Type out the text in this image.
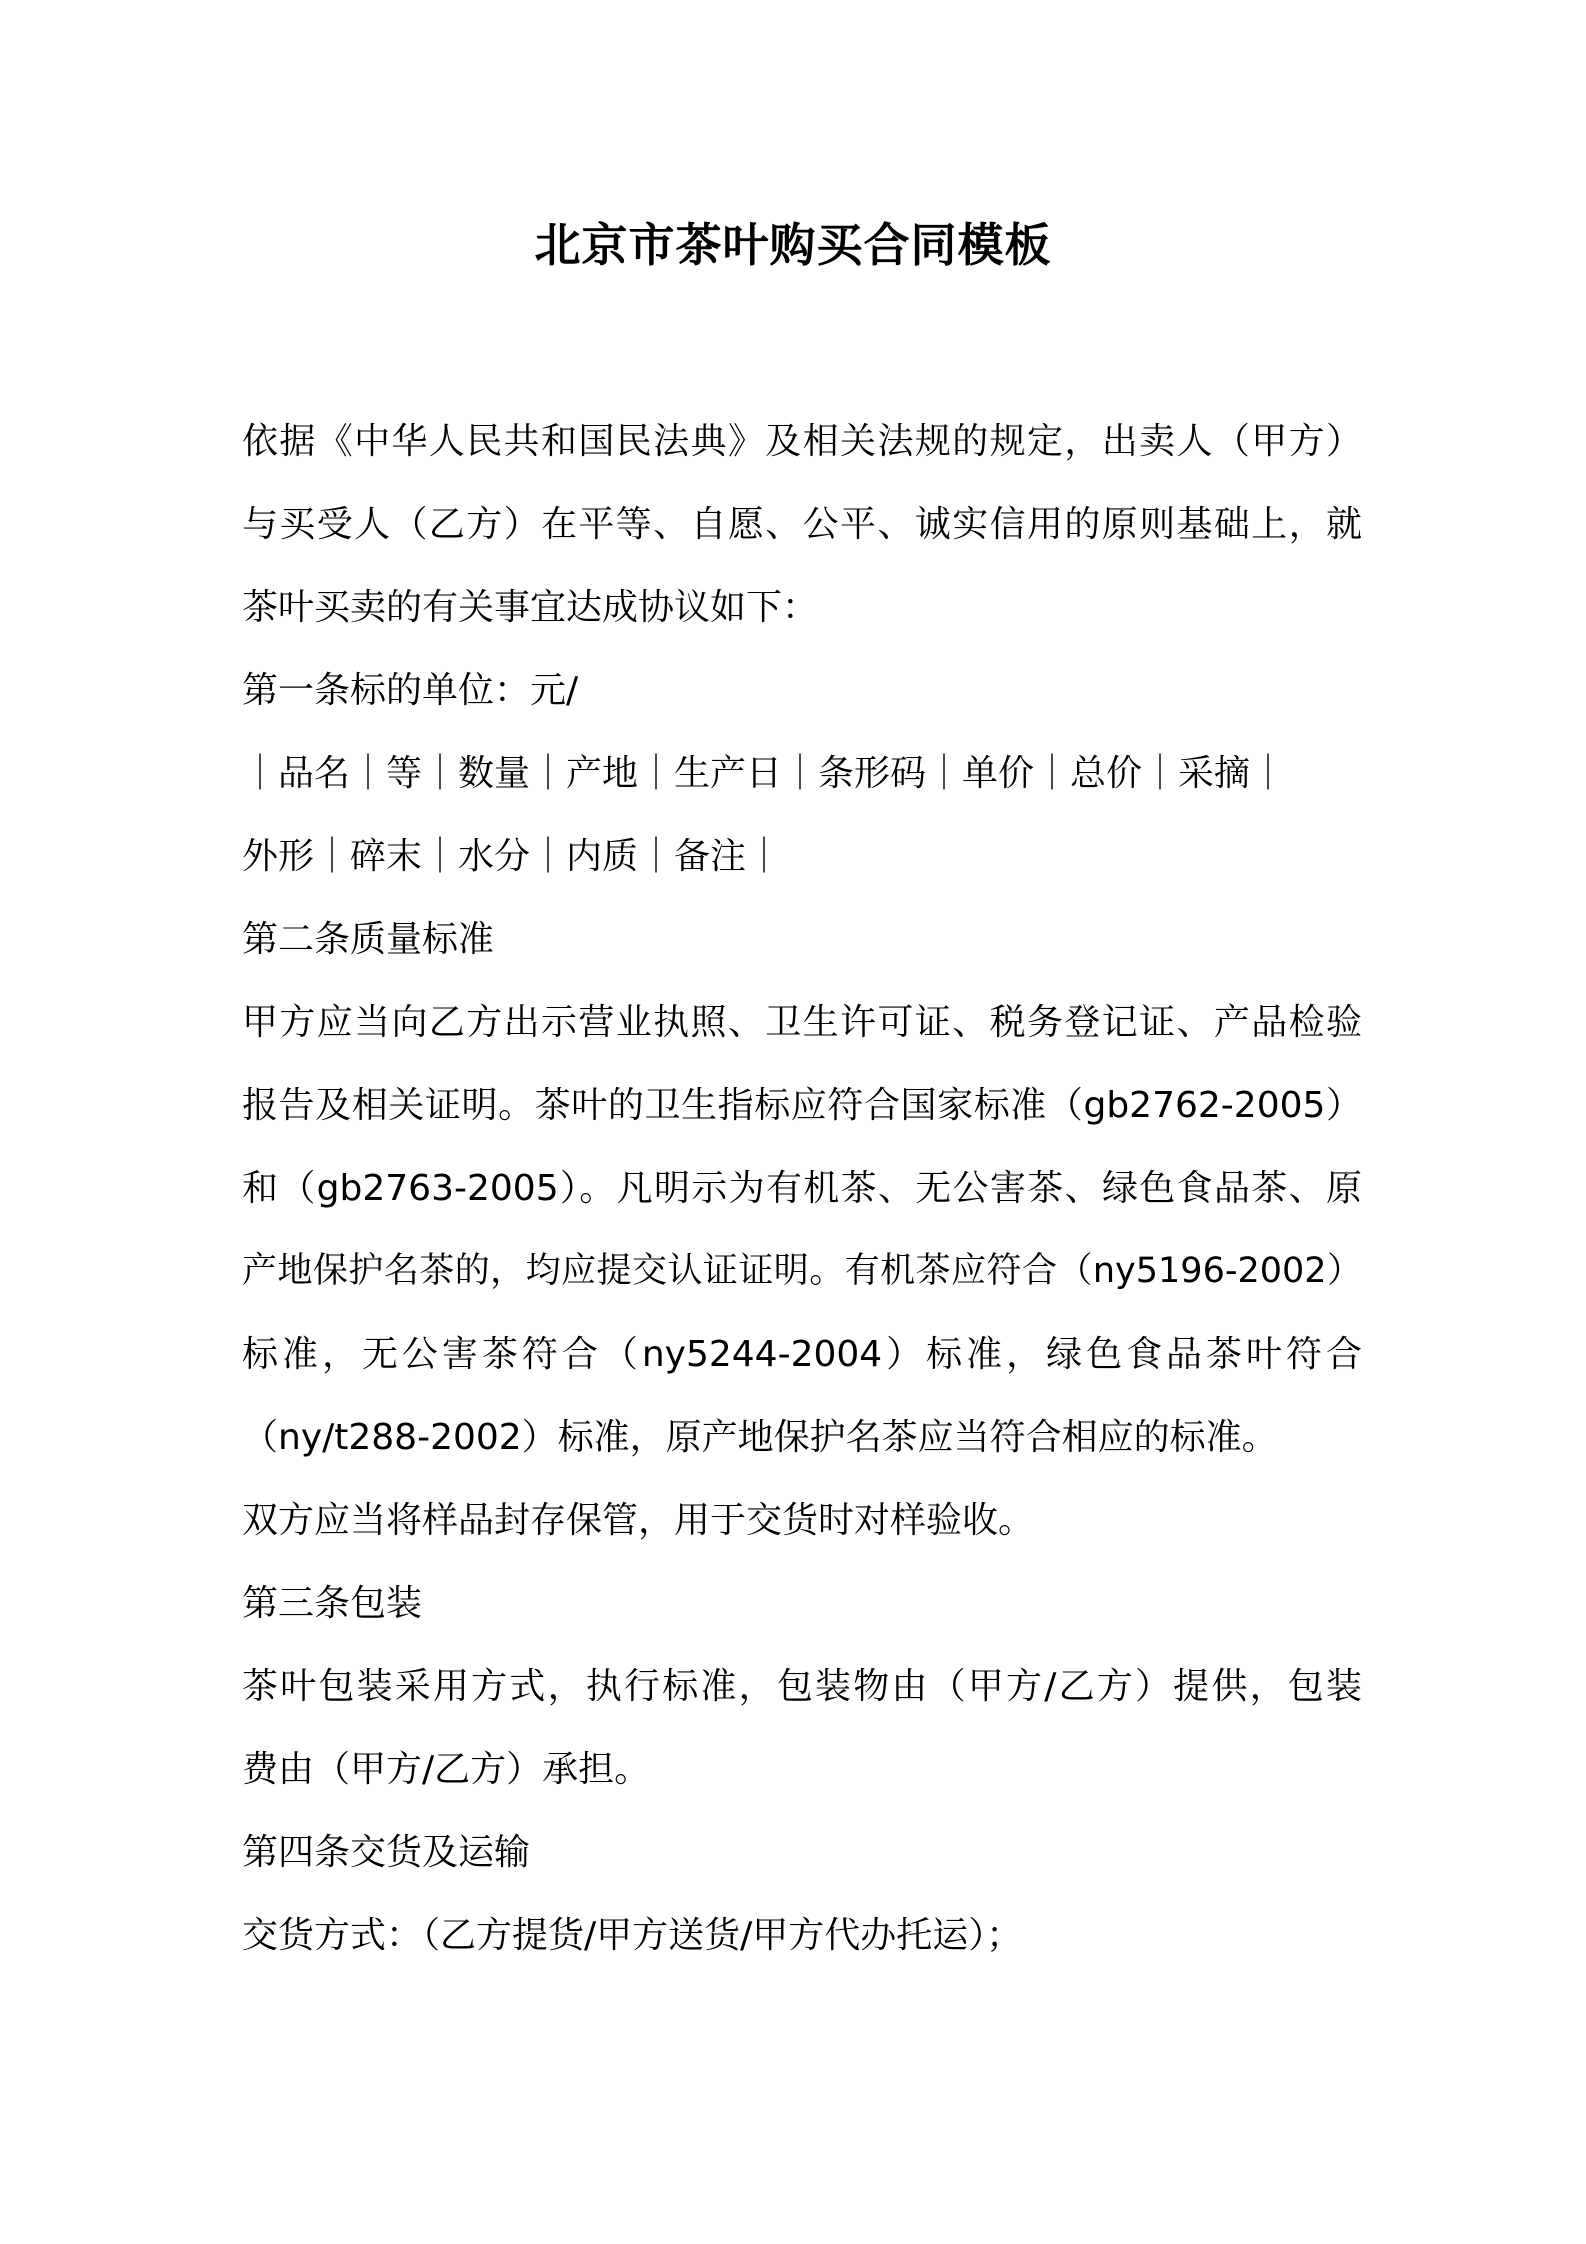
北京市茶叶购买合同模板

依据《中华人民共和国民法典》及相关法规的规定，出卖人（甲方）

与买受人（乙方）在平等、自愿、公平、诚实信用的原则基础上，就

茶叶买卖的有关事宜达成协议如下：

第一条标的单位：元/

｜品名｜等｜数量｜产地｜生产日｜条形码｜单价｜总价｜采摘｜

外形｜碎末｜水分｜内质｜备注｜

第二条质量标准

甲方应当向乙方出示营业执照、卫生许可证、税务登记证、产品检验

报告及相关证明。茶叶的卫生指标应符合国家标准（gb2762-2005）

和（gb2763-2005）。凡明示为有机茶、无公害茶、绿色食品茶、原

产地保护名茶的，均应提交认证证明。有机茶应符合（ny5196-2002）

标准，无公害茶符合（ny5244-2004）标准，绿色食品茶叶符合

（ny/t288-2002）标准，原产地保护名茶应当符合相应的标准。

双方应当将样品封存保管，用于交货时对样验收。

第三条包装

茶叶包装采用方式，执行标准，包装物由（甲方/乙方）提供，包装

费由（甲方/乙方）承担。

第四条交货及运输

交货方式：（乙方提货/甲方送货/甲方代办托运）；
